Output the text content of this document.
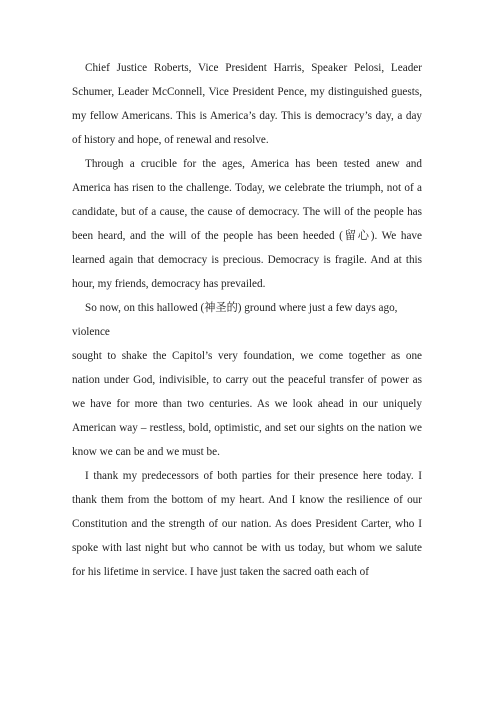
Chief Justice Roberts, Vice President Harris, Speaker Pelosi, Leader Schumer, Leader McConnell, Vice President Pence, my distinguished guests, my fellow Americans. This is America’s day. This is democracy’s day, a day of history and hope, of renewal and resolve.

Through a crucible for the ages, America has been tested anew and America has risen to the challenge. Today, we celebrate the triumph, not of a candidate, but of a cause, the cause of democracy. The will of the people has been heard, and the will of the people has been heeded (留心). We have learned again that democracy is precious. Democracy is fragile. And at this hour, my friends, democracy has prevailed.

So now, on this hallowed (神圣的) ground where just a few days ago, violence

sought to shake the Capitol’s very foundation, we come together as one nation under God, indivisible, to carry out the peaceful transfer of power as we have for more than two centuries. As we look ahead in our uniquely American way – restless, bold, optimistic, and set our sights on the nation we know we can be and we must be.

I thank my predecessors of both parties for their presence here today. I thank them from the bottom of my heart. And I know the resilience of our Constitution and the strength of our nation. As does President Carter, who I spoke with last night but who cannot be with us today, but whom we salute for his lifetime in service. I have just taken the sacred oath each of
